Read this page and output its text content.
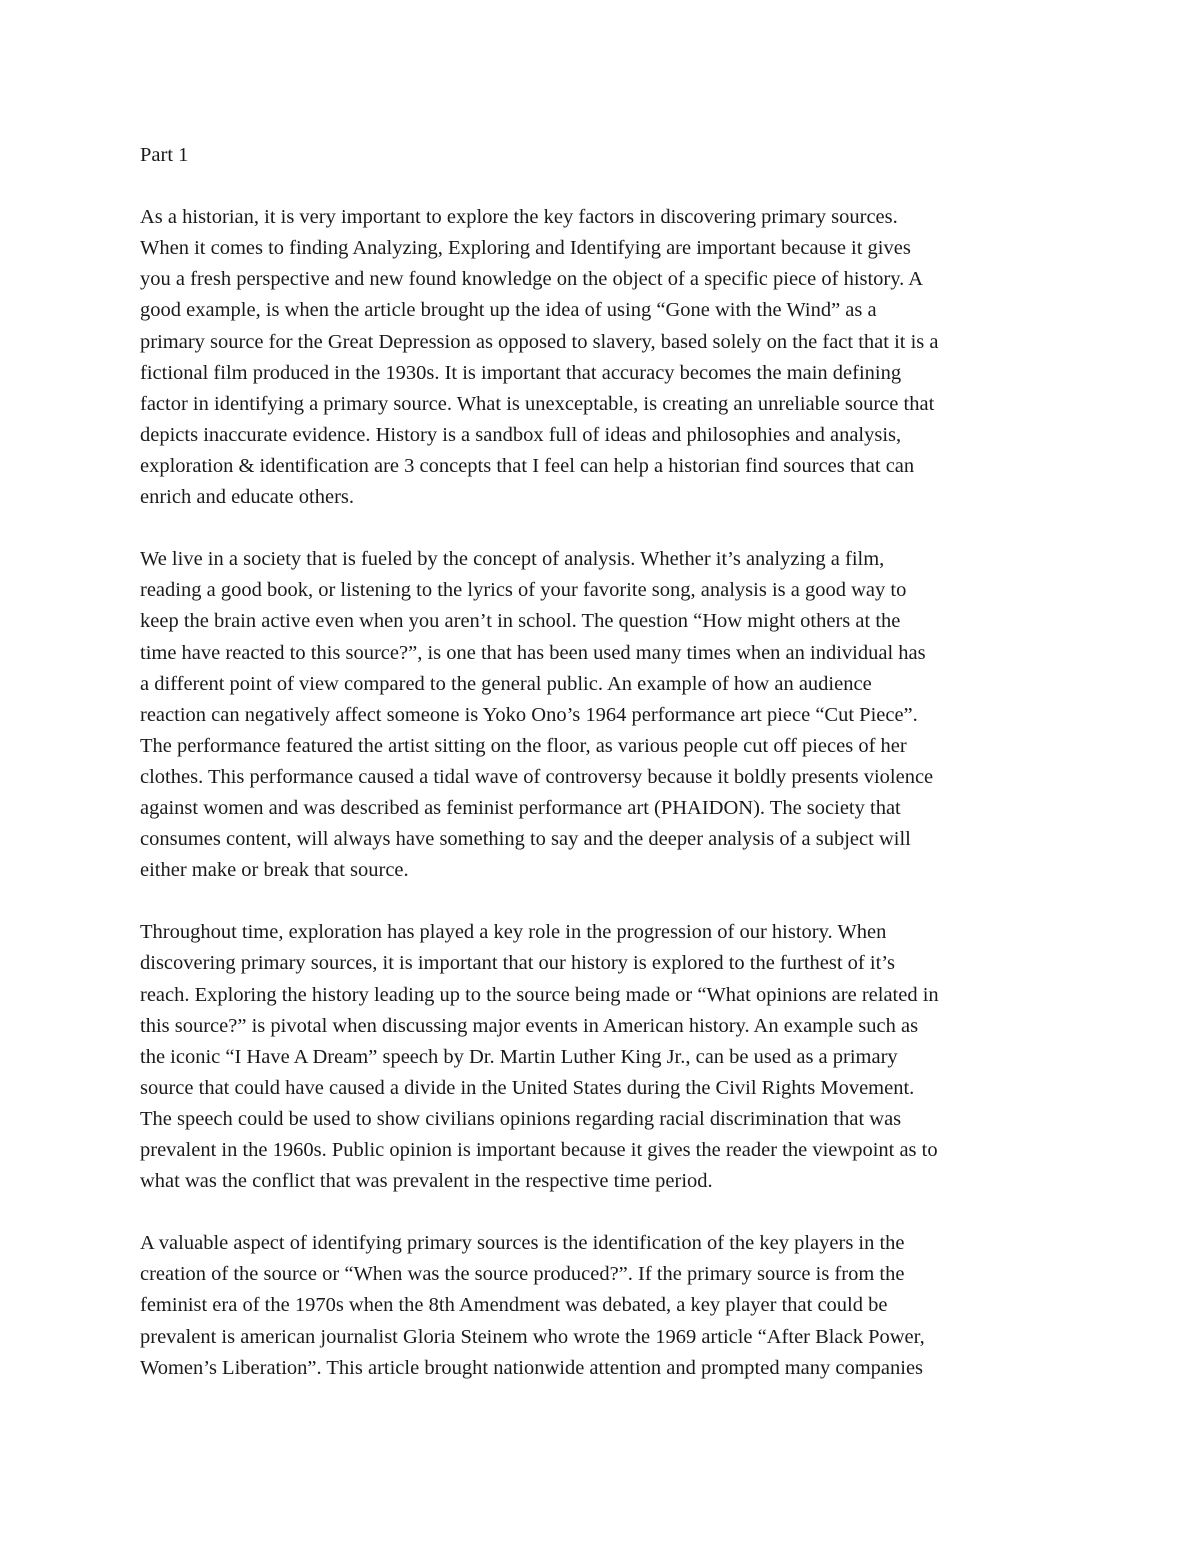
Part 1
As a historian, it is very important to explore the key factors in discovering primary sources.
When it comes to finding Analyzing, Exploring and Identifying are important because it gives
you a fresh perspective and new found knowledge on the object of a specific piece of history. A
good example, is when the article brought up the idea of using “Gone with the Wind” as a
primary source for the Great Depression as opposed to slavery, based solely on the fact that it is a
fictional film produced in the 1930s. It is important that accuracy becomes the main defining
factor in identifying a primary source. What is unexceptable, is creating an unreliable source that
depicts inaccurate evidence. History is a sandbox full of ideas and philosophies and analysis,
exploration & identification are 3 concepts that I feel can help a historian find sources that can
enrich and educate others.
We live in a society that is fueled by the concept of analysis. Whether it’s analyzing a film,
reading a good book, or listening to the lyrics of your favorite song, analysis is a good way to
keep the brain active even when you aren’t in school. The question “How might others at the
time have reacted to this source?”, is one that has been used many times when an individual has
a different point of view compared to the general public. An example of how an audience
reaction can negatively affect someone is Yoko Ono’s 1964 performance art piece “Cut Piece”.
The performance featured the artist sitting on the floor, as various people cut off pieces of her
clothes. This performance caused a tidal wave of controversy because it boldly presents violence
against women and was described as feminist performance art (PHAIDON). The society that
consumes content, will always have something to say and the deeper analysis of a subject will
either make or break that source.
Throughout time, exploration has played a key role in the progression of our history. When
discovering primary sources, it is important that our history is explored to the furthest of it’s
reach. Exploring the history leading up to the source being made or “What opinions are related in
this source?” is pivotal when discussing major events in American history. An example such as
the iconic “I Have A Dream” speech by Dr. Martin Luther King Jr., can be used as a primary
source that could have caused a divide in the United States during the Civil Rights Movement.
The speech could be used to show civilians opinions regarding racial discrimination that was
prevalent in the 1960s. Public opinion is important because it gives the reader the viewpoint as to
what was the conflict that was prevalent in the respective time period.
A valuable aspect of identifying primary sources is the identification of the key players in the
creation of the source or “When was the source produced?”. If the primary source is from the
feminist era of the 1970s when the 8th Amendment was debated, a key player that could be
prevalent is american journalist Gloria Steinem who wrote the 1969 article “After Black Power,
Women’s Liberation”. This article brought nationwide attention and prompted many companies
